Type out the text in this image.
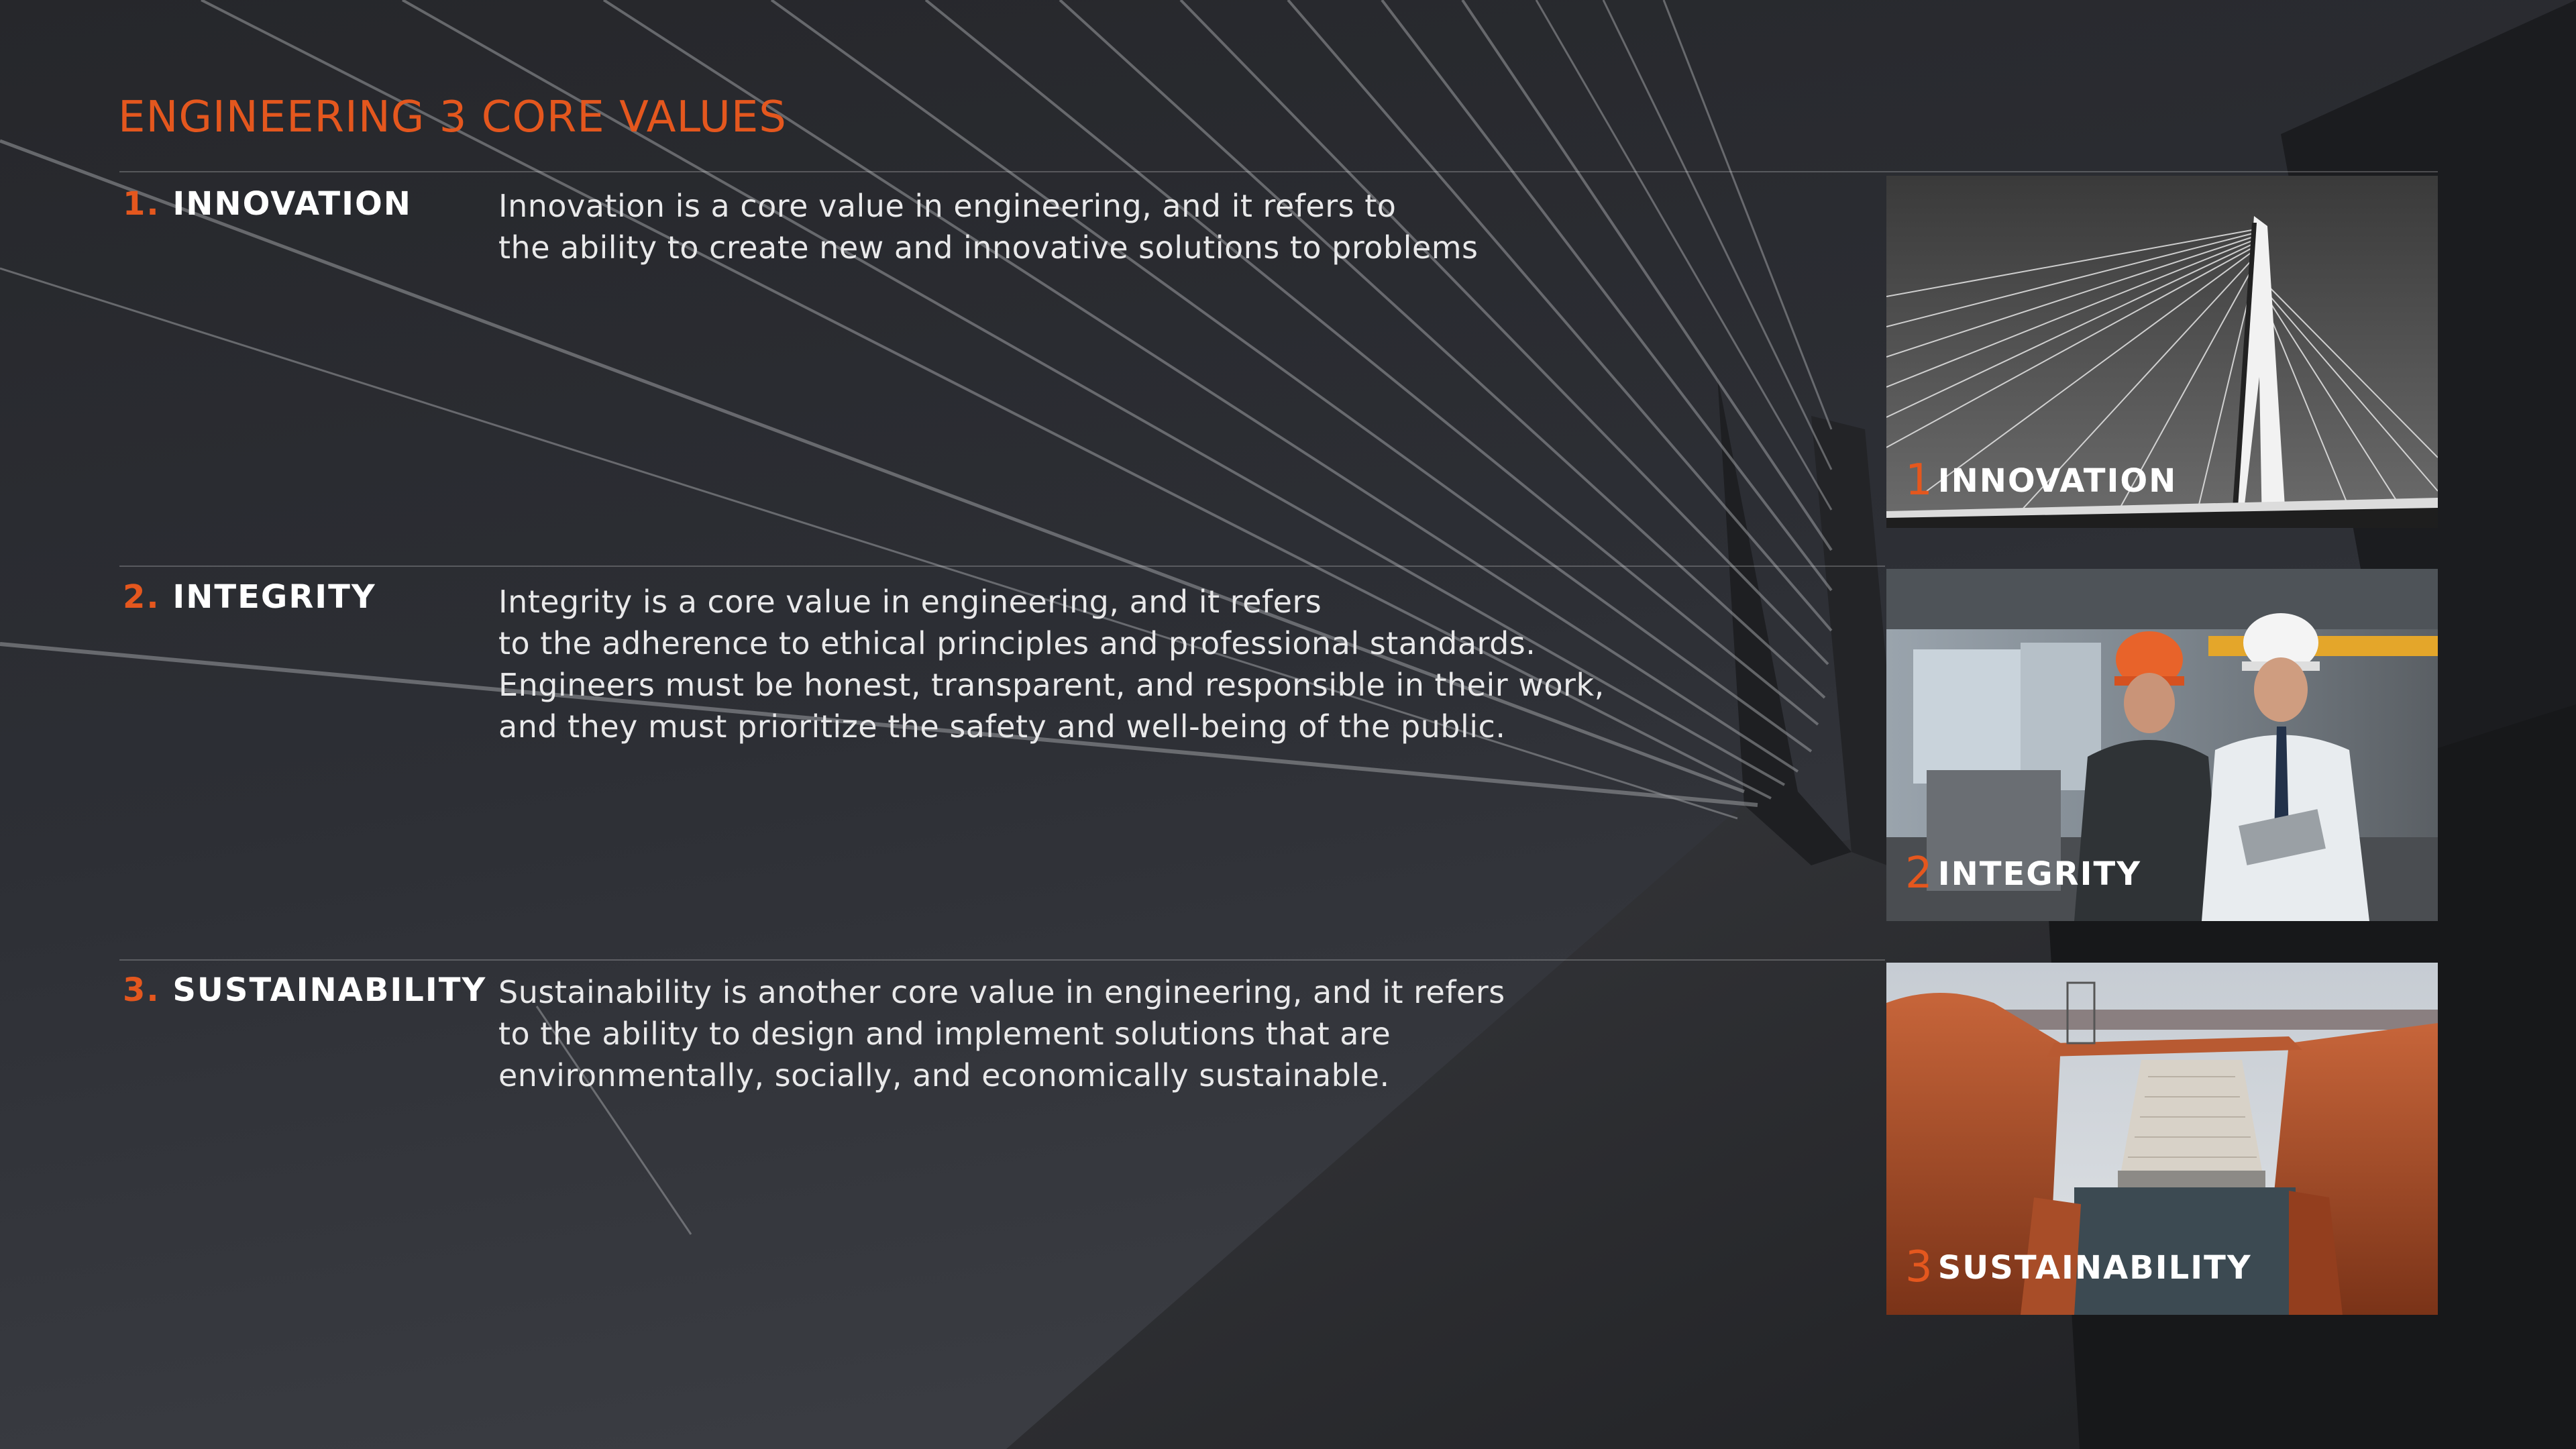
ENGINEERING 3 CORE VALUES
1. INNOVATION	Innovation is a core value in engineering, and it refers to
the ability to create new and innovative solutions to problems
1 INNOVATION
2. INTEGRITY	Integrity is a core value in engineering, and it refers
to the adherence to ethical principles and professional standards.
Engineers must be honest, transparent, and responsible in their work,
and they must prioritize the safety and well-being of the public.
2 INTEGRITY
3. SUSTAINABILITY Sustainability is another core value in engineering, and it refers
to the ability to design and implement solutions that are
environmentally, socially, and economically sustainable.
3 SUSTAINABILITY
